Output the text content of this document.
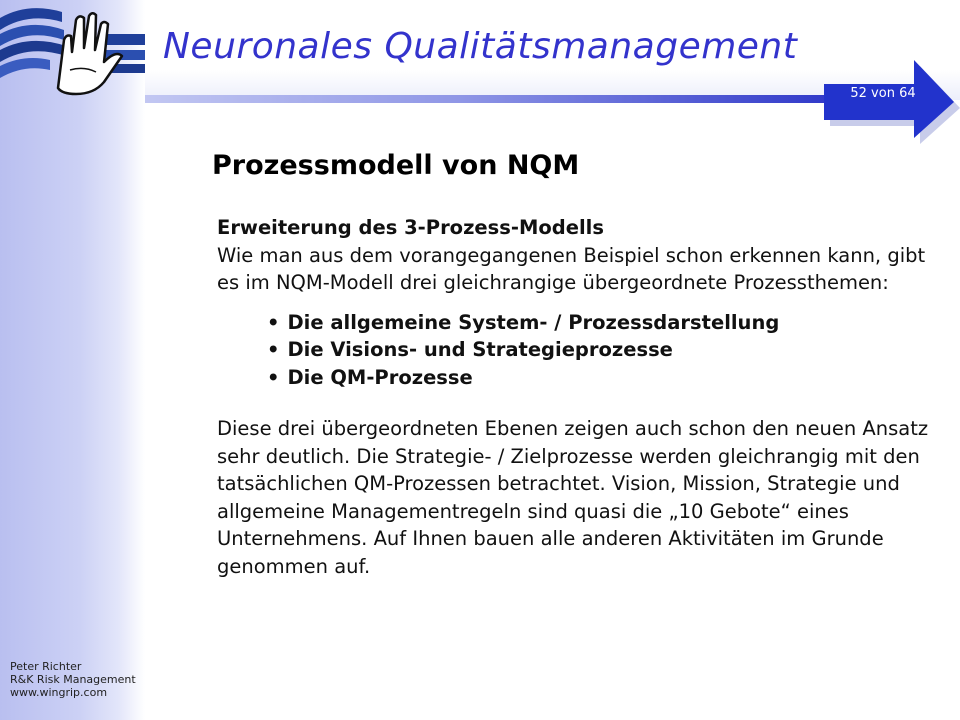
Neuronales Qualitätsmanagement
52 von 64
Prozessmodell von NQM

Erweiterung des 3-Prozess-Modells

Wie man aus dem vorangegangenen Beispiel schon erkennen kann, gibt es im NQM-Modell drei gleichrangige übergeordnete Prozessthemen:

• Die allgemeine System- / Prozessdarstellung
• Die Visions- und Strategieprozesse
• Die QM-Prozesse

Diese drei übergeordneten Ebenen zeigen auch schon den neuen Ansatz sehr deutlich. Die Strategie- / Zielprozesse werden gleichrangig mit den tatsächlichen QM-Prozessen betrachtet. Vision, Mission, Strategie und allgemeine Managementregeln sind quasi die „10 Gebote“ eines Unternehmens. Auf Ihnen bauen alle anderen Aktivitäten im Grunde genommen auf.

Peter Richter
R&K Risk Management
www.wingrip.com
